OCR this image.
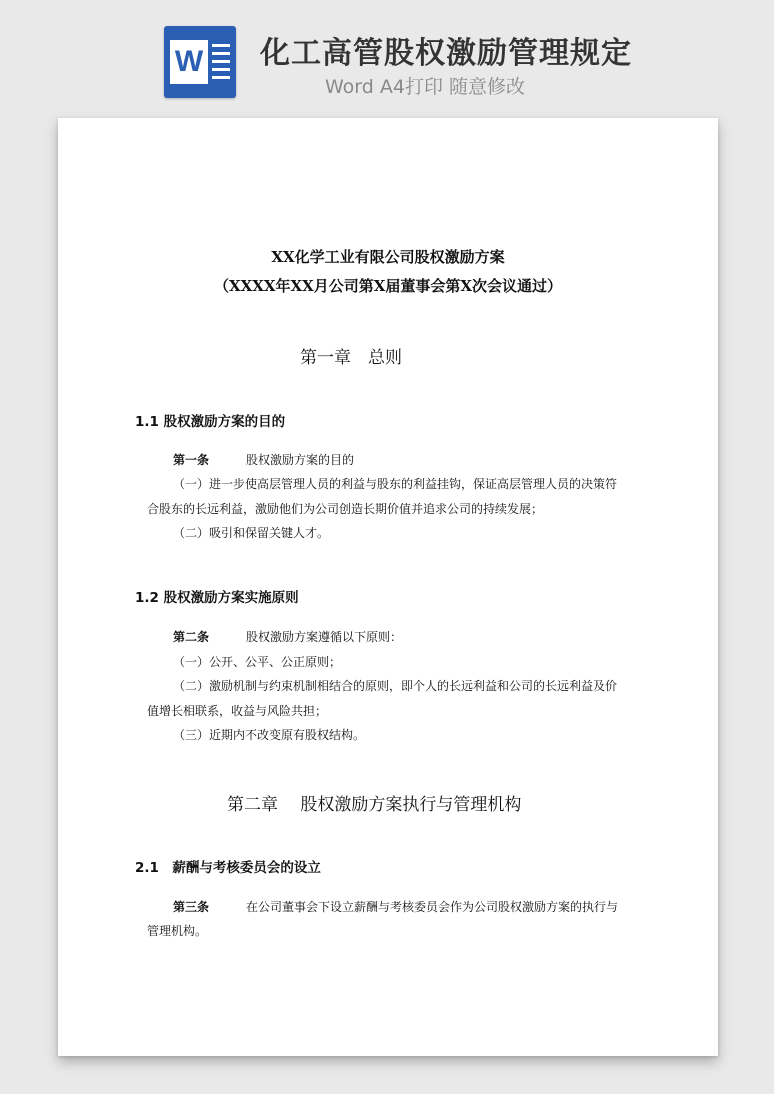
W 化工高管股权激励管理规定
Word A4打印 随意修改
XX化学工业有限公司股权激励方案
（XXXX年XX月公司第X届董事会第X次会议通过）
第一章　总则
1.1 股权激励方案的目的
第一条	股权激励方案的目的
（一）进一步使高层管理人员的利益与股东的利益挂钩，保证高层管理人员的决策符
合股东的长远利益，激励他们为公司创造长期价值并追求公司的持续发展；
（二）吸引和保留关键人才。
1.2 股权激励方案实施原则
第二条	股权激励方案遵循以下原则：
（一）公开、公平、公正原则；
（二）激励机制与约束机制相结合的原则，即个人的长远利益和公司的长远利益及价
值增长相联系，收益与风险共担；
（三）近期内不改变原有股权结构。
第二章　 股权激励方案执行与管理机构
2.1　薪酬与考核委员会的设立
第三条	在公司董事会下设立薪酬与考核委员会作为公司股权激励方案的执行与
管理机构。
